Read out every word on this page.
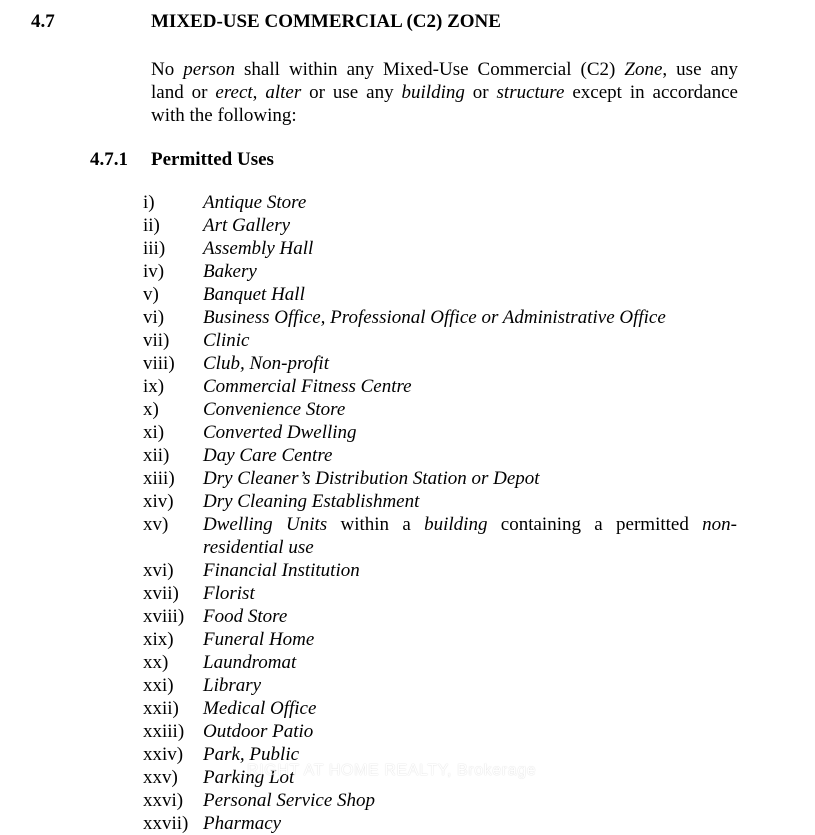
4.7	MIXED-USE COMMERCIAL (C2) ZONE
No person shall within any Mixed-Use Commercial (C2) Zone, use any
land or erect, alter or use any building or structure except in accordance
with the following:
4.7.1 Permitted Uses
i)	Antique Store
ii) Art Gallery
iii) Assembly Hall
iv) Bakery
v) Banquet Hall
vi) Business Office, Professional Office or Administrative Office
vii) Clinic
viii) Club, Non-profit
ix) Commercial Fitness Centre
x) Convenience Store
xi) Converted Dwelling
xii) Day Care Centre
xiii) Dry Cleaner’s Distribution Station or Depot
xiv) Dry Cleaning Establishment
xv) Dwelling Units within a building containing a permitted non-
residential use
xvi) Financial Institution
xvii) Florist
xviii) Food Store
xix) Funeral Home
xx) Laundromat
xxi) Library
xxii) Medical Office
xxiii) Outdoor Patio
xxiv) Park, Public
xxv) Parking Lot
xxvi) Personal Service Shop
xxvii) Pharmacy
RIGHT AT HOME REALTY, Brokerage
